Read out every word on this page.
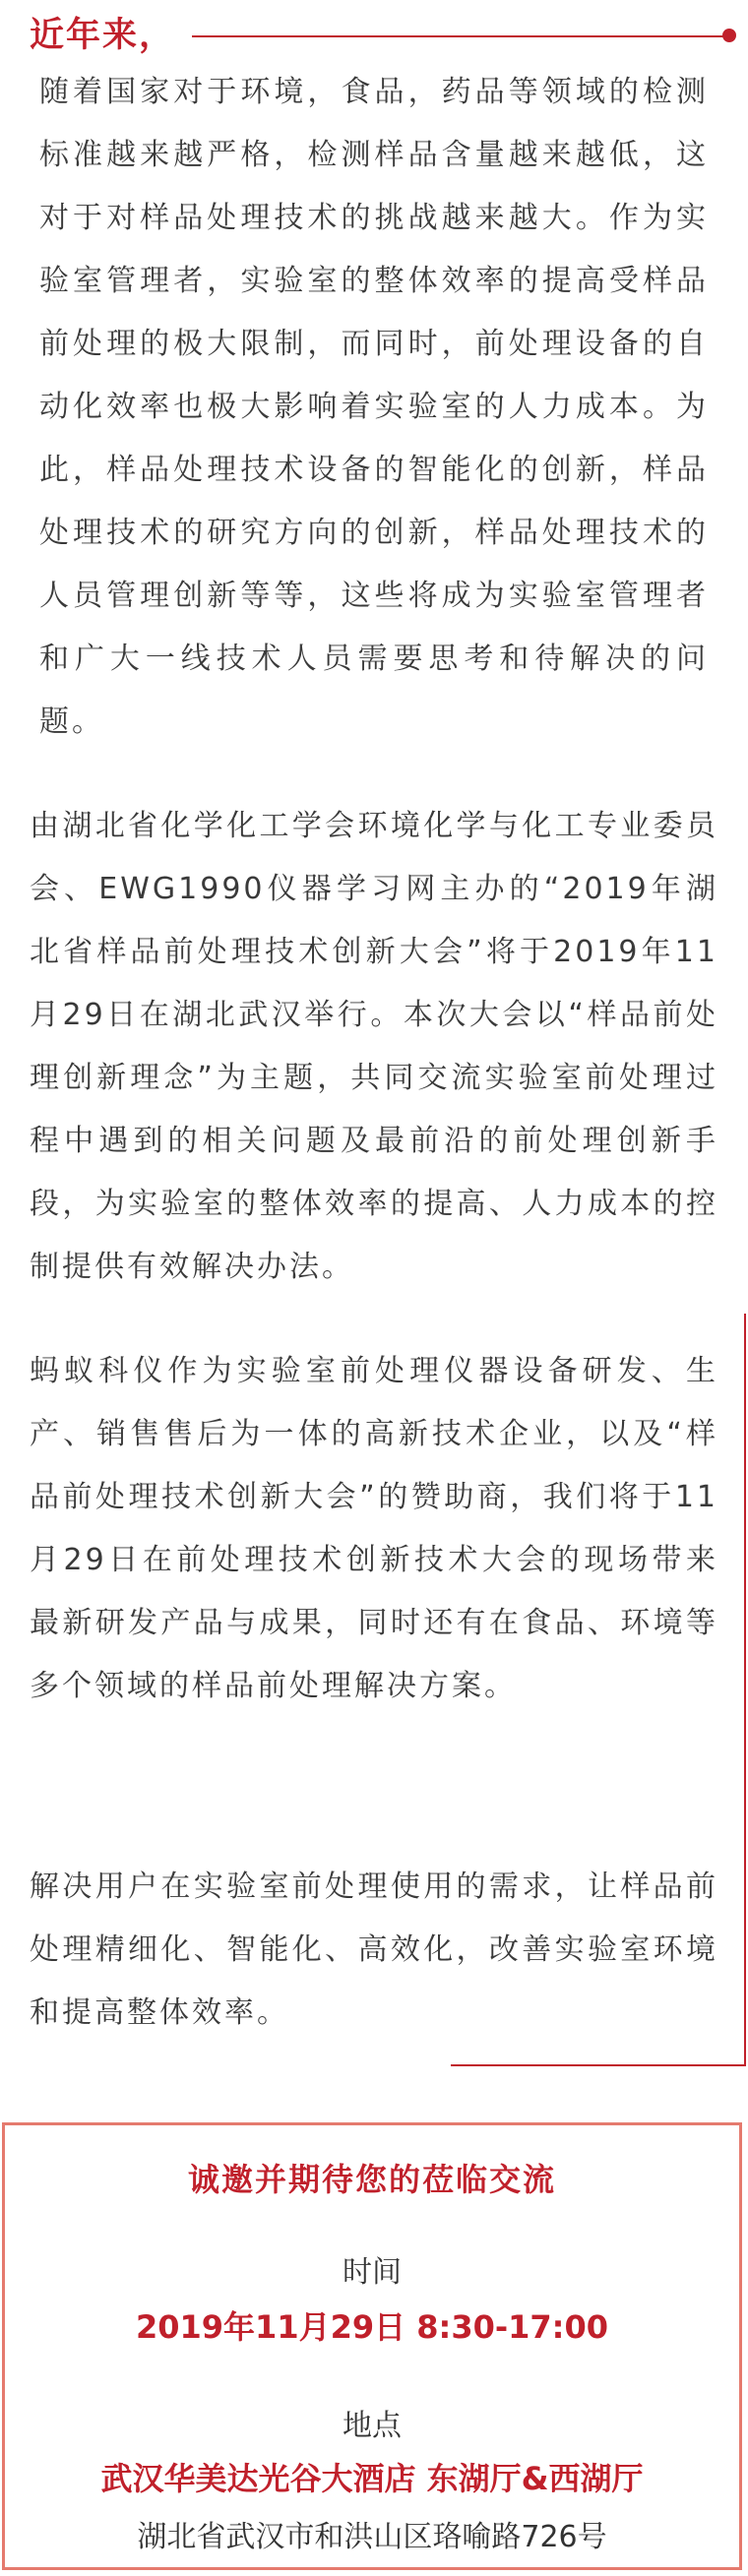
近年来，
随着国家对于环境，食品，药品等领域的检测标准越来越严格，检测样品含量越来越低，这对于对样品处理技术的挑战越来越大。作为实验室管理者，实验室的整体效率的提高受样品前处理的极大限制，而同时，前处理设备的自动化效率也极大影响着实验室的人力成本。为此，样品处理技术设备的智能化的创新，样品处理技术的研究方向的创新，样品处理技术的人员管理创新等等，这些将成为实验室管理者和广大一线技术人员需要思考和待解决的问题。
由湖北省化学化工学会环境化学与化工专业委员会、EWG1990仪器学习网主办的“2019年湖北省样品前处理技术创新大会”将于2019年11月29日在湖北武汉举行。本次大会以“样品前处理创新理念”为主题，共同交流实验室前处理过程中遇到的相关问题及最前沿的前处理创新手段，为实验室的整体效率的提高、人力成本的控制提供有效解决办法。
蚂蚁科仪作为实验室前处理仪器设备研发、生产、销售售后为一体的高新技术企业，以及“样品前处理技术创新大会”的赞助商，我们将于11月29日在前处理技术创新技术大会的现场带来最新研发产品与成果，同时还有在食品、环境等多个领域的样品前处理解决方案。
解决用户在实验室前处理使用的需求，让样品前处理精细化、智能化、高效化，改善实验室环境和提高整体效率。
诚邀并期待您的莅临交流
时间
2019年11月29日 8:30-17:00
地点
武汉华美达光谷大酒店 东湖厅&西湖厅
湖北省武汉市和洪山区珞喻路726号
